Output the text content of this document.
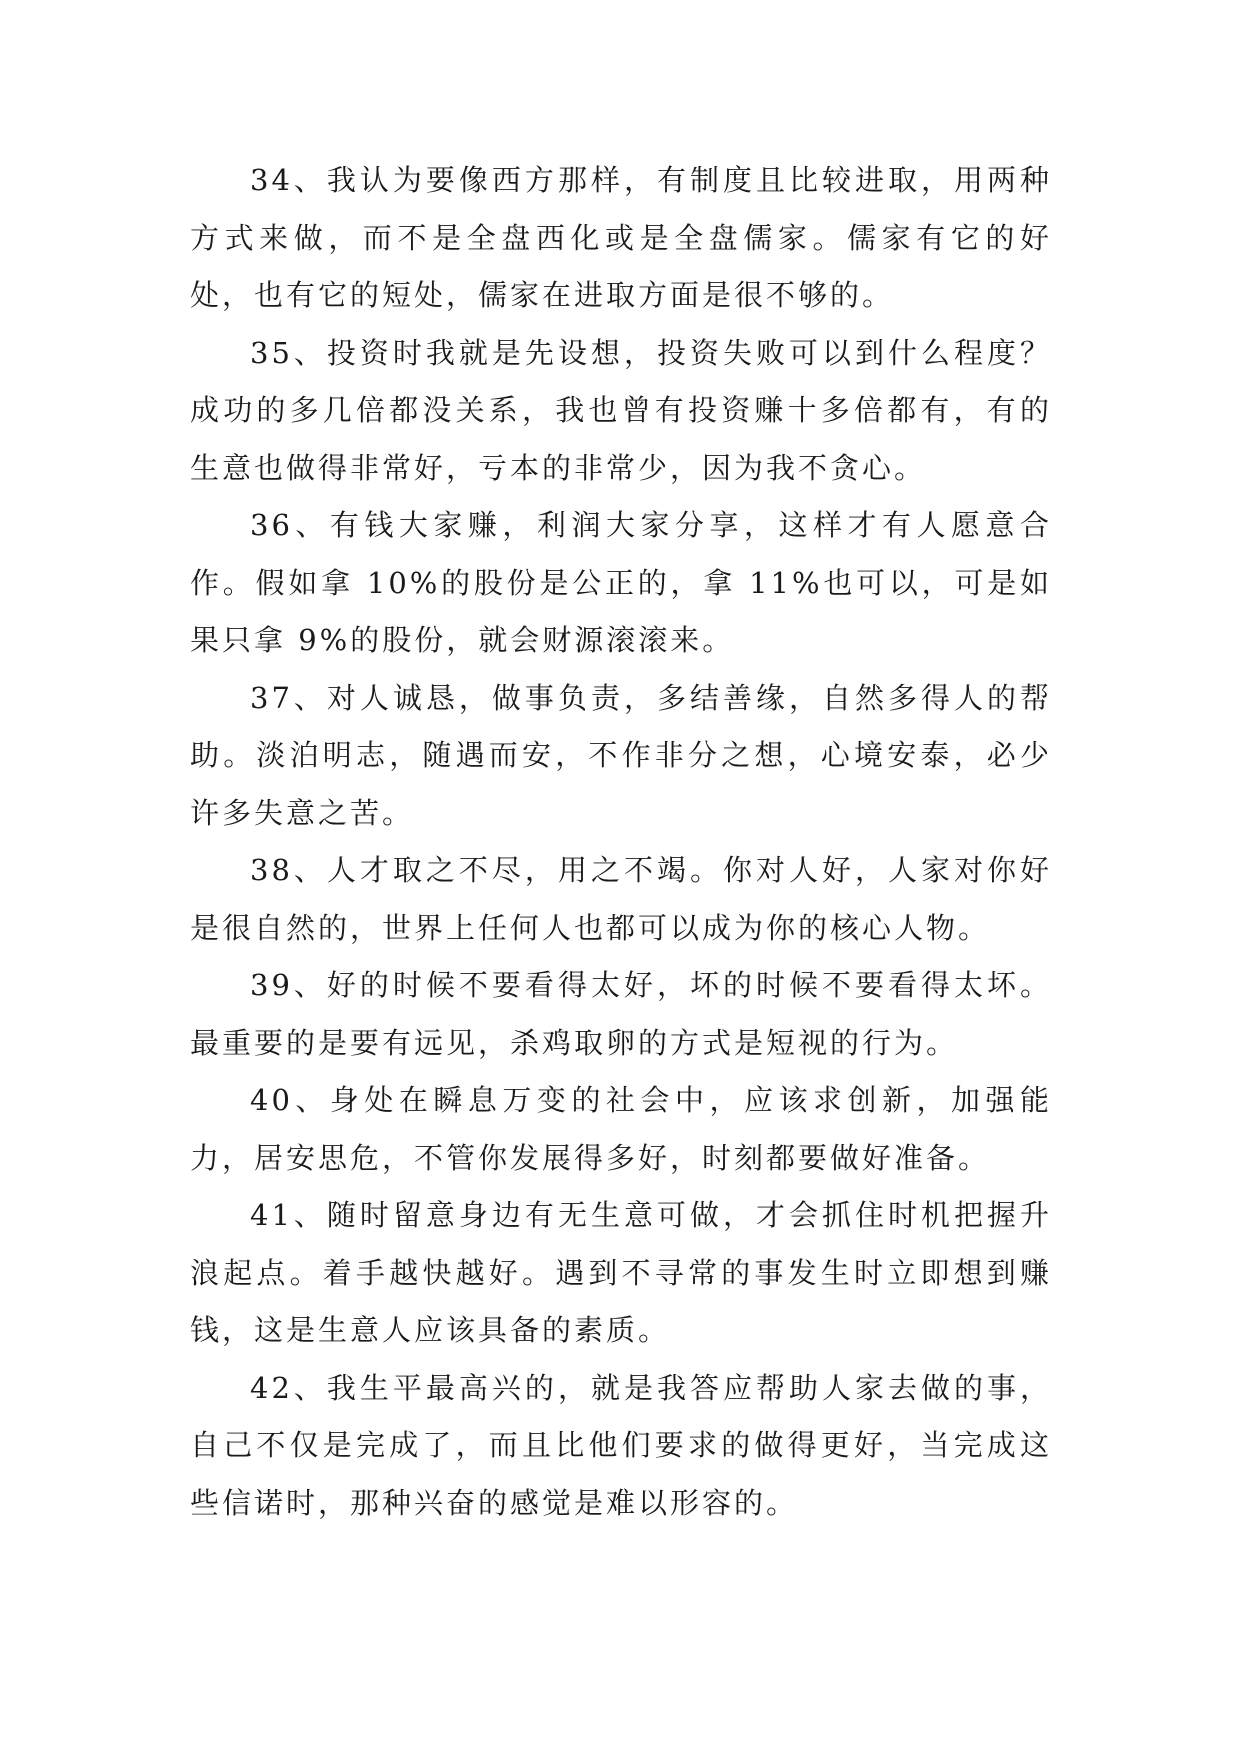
34、我认为要像西方那样，有制度且比较进取，用两种方式来做，而不是全盘西化或是全盘儒家。儒家有它的好处，也有它的短处，儒家在进取方面是很不够的。

35、投资时我就是先设想，投资失败可以到什么程度？成功的多几倍都没关系，我也曾有投资赚十多倍都有，有的生意也做得非常好，亏本的非常少，因为我不贪心。

36、有钱大家赚，利润大家分享，这样才有人愿意合作。假如拿 10%的股份是公正的，拿 11%也可以，可是如果只拿 9%的股份，就会财源滚滚来。

37、对人诚恳，做事负责，多结善缘，自然多得人的帮助。淡泊明志，随遇而安，不作非分之想，心境安泰，必少许多失意之苦。

38、人才取之不尽，用之不竭。你对人好，人家对你好是很自然的，世界上任何人也都可以成为你的核心人物。

39、好的时候不要看得太好，坏的时候不要看得太坏。最重要的是要有远见，杀鸡取卵的方式是短视的行为。

40、身处在瞬息万变的社会中，应该求创新，加强能力，居安思危，不管你发展得多好，时刻都要做好准备。

41、随时留意身边有无生意可做，才会抓住时机把握升浪起点。着手越快越好。遇到不寻常的事发生时立即想到赚钱，这是生意人应该具备的素质。

42、我生平最高兴的，就是我答应帮助人家去做的事，自己不仅是完成了，而且比他们要求的做得更好，当完成这些信诺时，那种兴奋的感觉是难以形容的。
